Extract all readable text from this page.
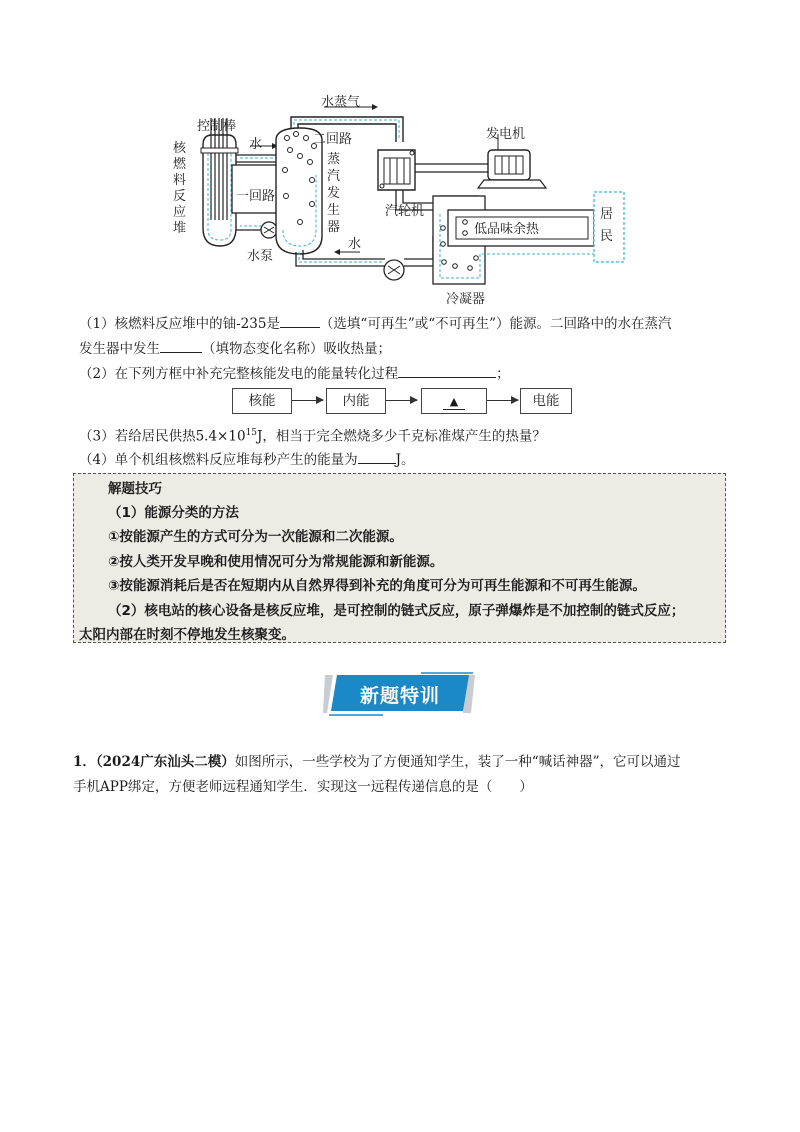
控制棒
水蒸气
二回路	发电机
核
燃
料
反
应
堆
水
蒸
汽
发
生
器
一回路
汽轮机
低品味余热
居
民
水泵
水
冷凝器
（1）核燃料反应堆中的铀-235是	（选填“可再生”或“不可再生”）能源。二回路中的水在蒸汽
发生器中发生	（填物态变化名称）吸收热量；
（2）在下列方框中补充完整核能发电的能量转化过程	；
核能	内能	▲	电能
（3）若给居民供热$5.4\times 10^{15}J$，相当于完全燃烧多少千克标准煤产生的热量？
（4）单个机组核燃料反应堆每秒产生的能量为	J。
解题技巧
（1）能源分类的方法
①按能源产生的方式可分为一次能源和二次能源。
②按人类开发早晚和使用情况可分为常规能源和新能源。
③按能源消耗后是否在短期内从自然界得到补充的角度可分为可再生能源和不可再生能源。
（2）核电站的核心设备是核反应堆，是可控制的链式反应，原子弹爆炸是不加控制的链式反应；
太阳内部在时刻不停地发生核聚变。
新题特训
1．（2024广东汕头二模）如图所示，一些学校为了方便通知学生，装了一种“喊话神器”，它可以通过
手机APP绑定，方便老师远程通知学生．实现这一远程传递信息的是（　　）
